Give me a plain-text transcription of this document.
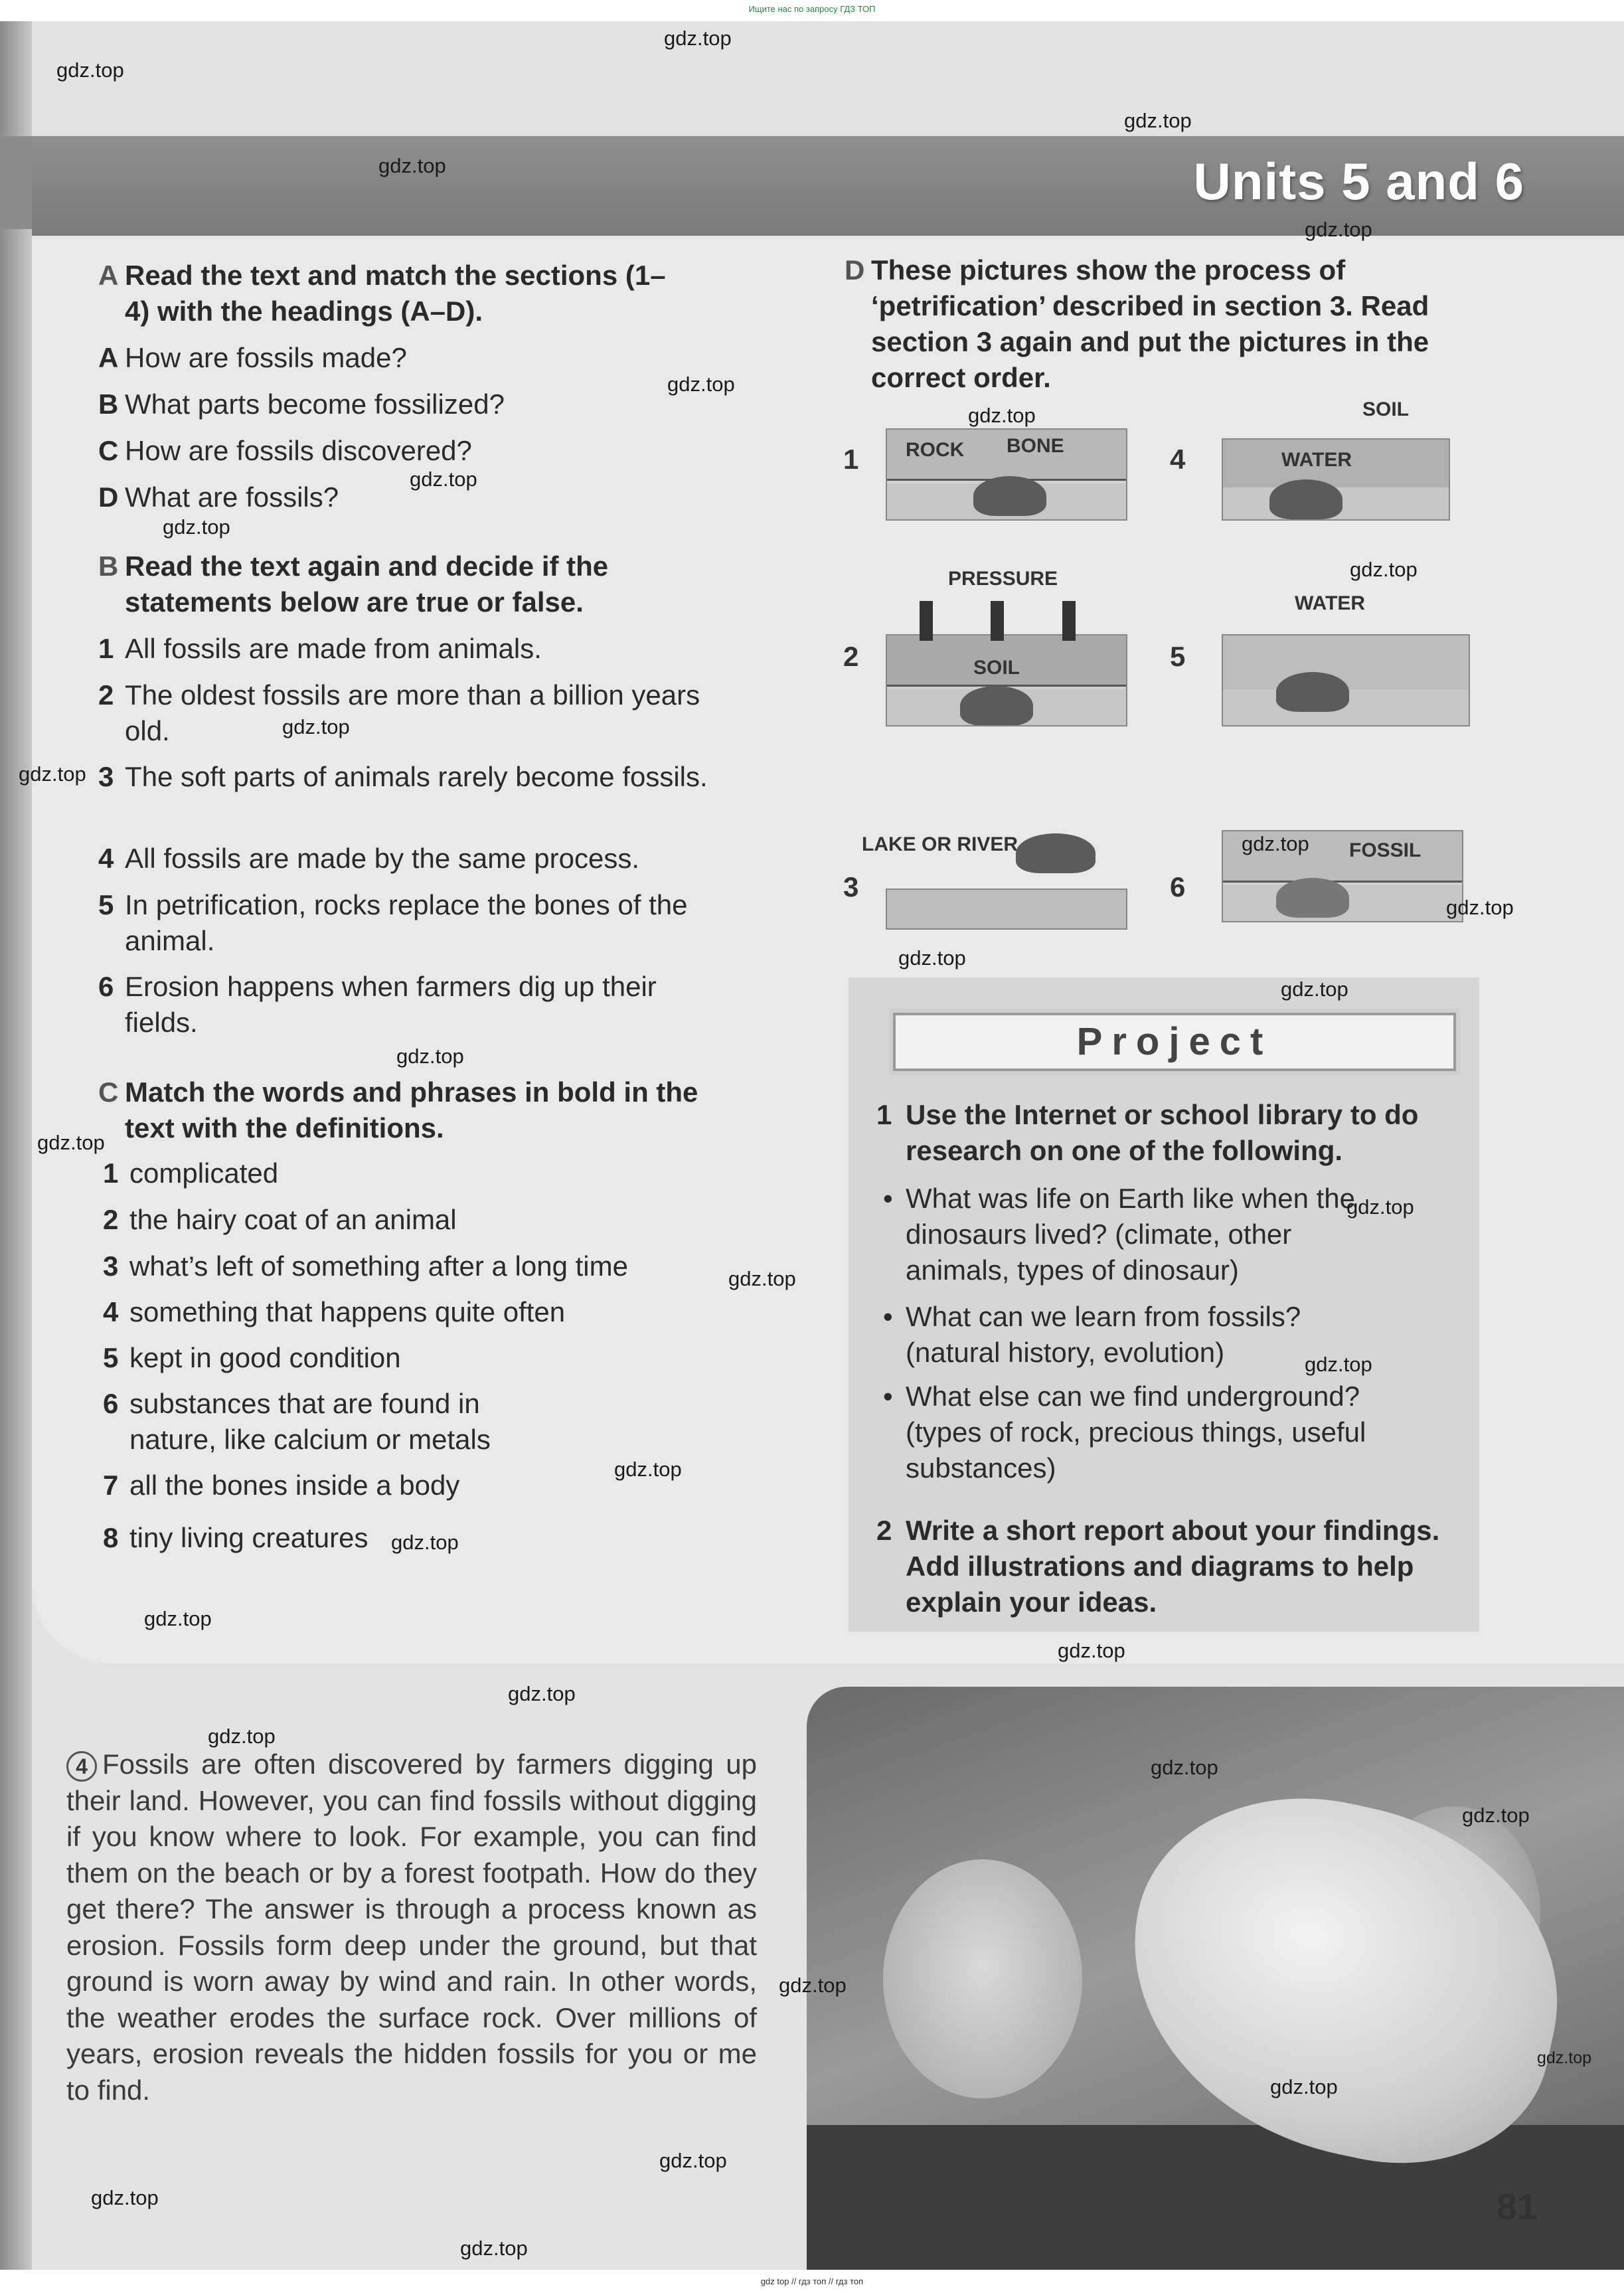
Ищите нас по запросу ГДЗ ТОП
Units 5 and 6
A Read the text and match the sections (1–4) with the headings (A–D).
A How are fossils made?
B What parts become fossilized?
C How are fossils discovered?
D What are fossils?
B Read the text again and decide if the statements below are true or false.
1 All fossils are made from animals.
2 The oldest fossils are more than a billion years old.
3 The soft parts of animals rarely become fossils.
4 All fossils are made by the same process.
5 In petrification, rocks replace the bones of the animal.
6 Erosion happens when farmers dig up their fields.
C Match the words and phrases in bold in the text with the definitions.
1 complicated
2 the hairy coat of an animal
3 what’s left of something after a long time
4 something that happens quite often
5 kept in good condition
6 substances that are found in nature, like calcium or metals
7 all the bones inside a body
8 tiny living creatures
D These pictures show the process of ‘petrification’ described in section 3. Read section 3 again and put the pictures in the correct order.
1 ROCK BONE	4
SOIL
WATER
PRESSURE
2	SOIL
WATER
5
LAKE OR RIVER
3	6
FOSSIL
Project
1 Use the Internet or school library to do research on one of the following.
• What was life on Earth like when the dinosaurs lived? (climate, other animals, types of dinosaur)
• What can we learn from fossils? (natural history, evolution)
• What else can we find underground? (types of rock, precious things, useful substances)
2 Write a short report about your findings. Add illustrations and diagrams to help explain your ideas.
4 Fossils are often discovered by farmers digging up their land. However, you can find fossils without digging if you know where to look. For example, you can find them on the beach or by a forest footpath. How do they get there? The answer is through a process known as erosion. Fossils form deep under the ground, but that ground is worn away by wind and rain. In other words, the weather erodes the surface rock. Over millions of years, erosion reveals the hidden fossils for you or me to find.
81
gdz.top
gdz.top
gdz.top
gdz.top
gdz.top
gdz.top
gdz.top
gdz.top
gdz.top
gdz.top
gdz.top
gdz.top
gdz.top
gdz.top
gdz.top
gdz.top
gdz.top
gdz.top
gdz.top
gdz.top
gdz.top
gdz.top
gdz.top
gdz.top
gdz.top
gdz.top
gdz.top
gdz.top
gdz.top
gdz.top
gdz.top
gdz.top
gdz.top
gdz.top
gdz.top
gdz top // гдз топ // гдз топ
